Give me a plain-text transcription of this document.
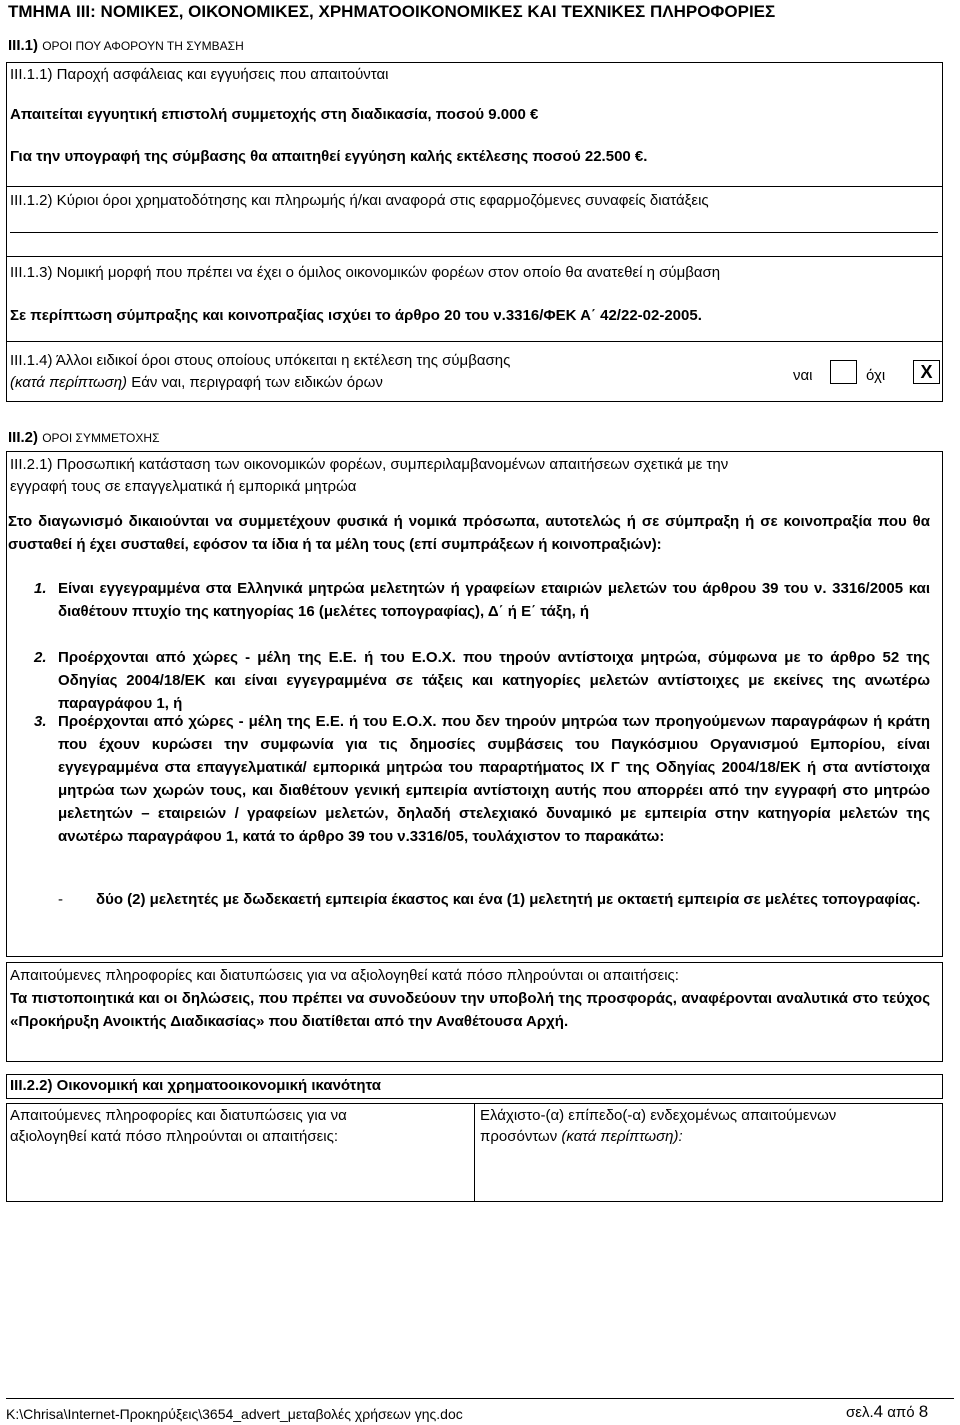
ΤΜΗΜΑ ΙΙΙ: ΝΟΜΙΚΕΣ, ΟΙΚΟΝΟΜΙΚΕΣ, ΧΡΗΜΑΤΟΟΙΚΟΝΟΜΙΚΕΣ ΚΑΙ ΤΕΧΝΙΚΕΣ ΠΛΗΡΟΦΟΡΙΕΣ
III.1) ΟΡΟΙ ΠΟΥ ΑΦΟΡΟΥΝ ΤΗ ΣΥΜΒΑΣΗ
ΙΙΙ.1.1) Παροχή ασφάλειας και εγγυήσεις που απαιτούνται
Απαιτείται εγγυητική επιστολή συμμετοχής στη διαδικασία, ποσού 9.000 €
Για την υπογραφή της σύμβασης θα απαιτηθεί εγγύηση καλής εκτέλεσης ποσού 22.500 €.
ΙΙΙ.1.2) Κύριοι όροι χρηματοδότησης και πληρωμής ή/και αναφορά στις εφαρμοζόμενες συναφείς διατάξεις
ΙΙΙ.1.3) Νομική μορφή που πρέπει να έχει ο όμιλος οικονομικών φορέων στον οποίο θα ανατεθεί η σύμβαση
Σε περίπτωση σύμπραξης και κοινοπραξίας ισχύει το άρθρο 20 του ν.3316/ΦΕΚ Α΄ 42/22-02-2005.
ΙΙΙ.1.4) Άλλοι ειδικοί όροι στους οποίους υπόκειται η εκτέλεση της σύμβασης
(κατά περίπτωση) Εάν ναι, περιγραφή των ειδικών όρων	ναι	όχι	X
III.2) ΟΡΟΙ ΣΥΜΜΕΤΟΧΗΣ
ΙΙΙ.2.1) Προσωπική κατάσταση των οικονομικών φορέων, συμπεριλαμβανομένων απαιτήσεων σχετικά με την
εγγραφή τους σε επαγγελματικά ή εμπορικά μητρώα
Στο διαγωνισμό δικαιούνται να συμμετέχουν φυσικά ή νομικά πρόσωπα, αυτοτελώς ή σε σύμπραξη ή σε κοινοπραξία που θα συσταθεί ή έχει συσταθεί, εφόσον τα ίδια ή τα μέλη τους (επί συμπράξεων ή κοινοπραξιών):
1. Είναι εγγεγραμμένα στα Ελληνικά μητρώα μελετητών ή γραφείων εταιριών μελετών του άρθρου 39 του ν. 3316/2005 και διαθέτουν πτυχίο της κατηγορίας 16 (μελέτες τοπογραφίας), Δ΄ ή Ε΄ τάξη, ή
2. Προέρχονται από χώρες - μέλη της Ε.Ε. ή του Ε.Ο.Χ. που τηρούν αντίστοιχα μητρώα, σύμφωνα με το άρθρο 52 της Οδηγίας 2004/18/ΕΚ και είναι εγγεγραμμένα σε τάξεις και κατηγορίες μελετών αντίστοιχες με εκείνες της ανωτέρω παραγράφου 1, ή
3. Προέρχονται από χώρες - μέλη της Ε.Ε. ή του Ε.Ο.Χ. που δεν τηρούν μητρώα των προηγούμενων παραγράφων ή κράτη που έχουν κυρώσει την συμφωνία για τις δημοσίες συμβάσεις του Παγκόσμιου Οργανισμού Εμπορίου, είναι εγγεγραμμένα στα επαγγελματικά/ εμπορικά μητρώα του παραρτήματος ΙΧ Γ της Οδηγίας 2004/18/ΕΚ ή στα αντίστοιχα μητρώα των χωρών τους, και διαθέτουν γενική εμπειρία αντίστοιχη αυτής που απορρέει από την εγγραφή στο μητρώο μελετητών – εταιρειών / γραφείων μελετών, δηλαδή στελεχιακό δυναμικό με εμπειρία στην κατηγορία μελετών της ανωτέρω παραγράφου 1, κατά το άρθρο 39 του ν.3316/05, τουλάχιστον το παρακάτω:
- δύο (2) μελετητές με δωδεκαετή εμπειρία έκαστος και ένα (1) μελετητή με οκταετή εμπειρία σε μελέτες τοπογραφίας.
Απαιτούμενες πληροφορίες και διατυπώσεις για να αξιολογηθεί κατά πόσο πληρούνται οι απαιτήσεις:
Τα πιστοποιητικά και οι δηλώσεις, που πρέπει να συνοδεύουν την υποβολή της προσφοράς, αναφέρονται αναλυτικά στο τεύχος «Προκήρυξη Ανοικτής Διαδικασίας» που διατίθεται από την Αναθέτουσα Αρχή.
ΙΙΙ.2.2) Οικονομική και χρηματοοικονομική ικανότητα
Απαιτούμενες πληροφορίες και διατυπώσεις για να
αξιολογηθεί κατά πόσο πληρούνται οι απαιτήσεις:
Ελάχιστο-(α) επίπεδο(-α) ενδεχομένως απαιτούμενων
προσόντων (κατά περίπτωση):
K:\Chrisa\Internet-Προκηρύξεις\3654_advert_μεταβολές χρήσεων γης.doc	σελ.4 από 8
